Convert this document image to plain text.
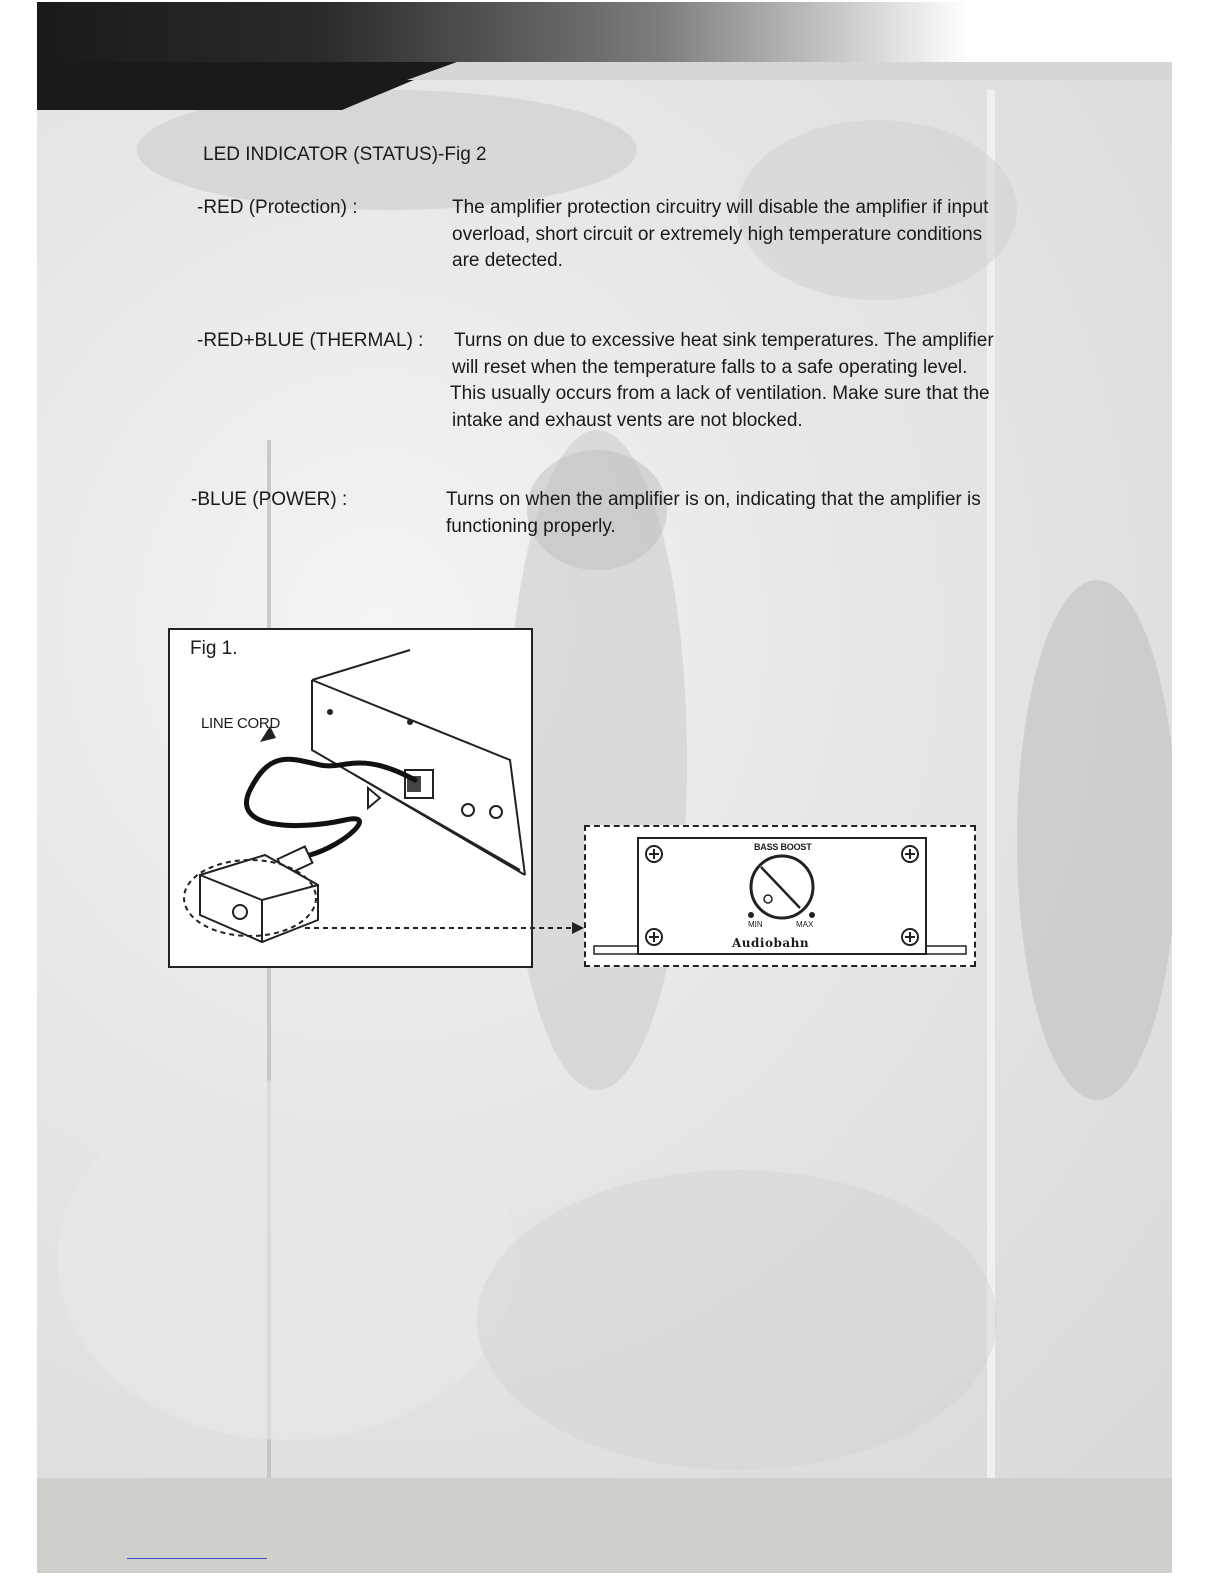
LED INDICATOR (STATUS)-Fig 2
-RED (Protection) :	The amplifier protection circuitry will disable the amplifier if input
overload, short circuit or extremely high temperature conditions
are detected.
-RED+BLUE (THERMAL) : Turns on due to excessive heat sink temperatures. The amplifier
will reset when the temperature falls to a safe operating level.
This usually occurs from a lack of ventilation. Make sure that the
intake and exhaust vents are not blocked.
-BLUE (POWER) :	Turns on when the amplifier is on, indicating that the amplifier is
functioning properly.
Fig 1.
LINE CORD
BASS BOOST
MIN	MAX
Audiobahn
